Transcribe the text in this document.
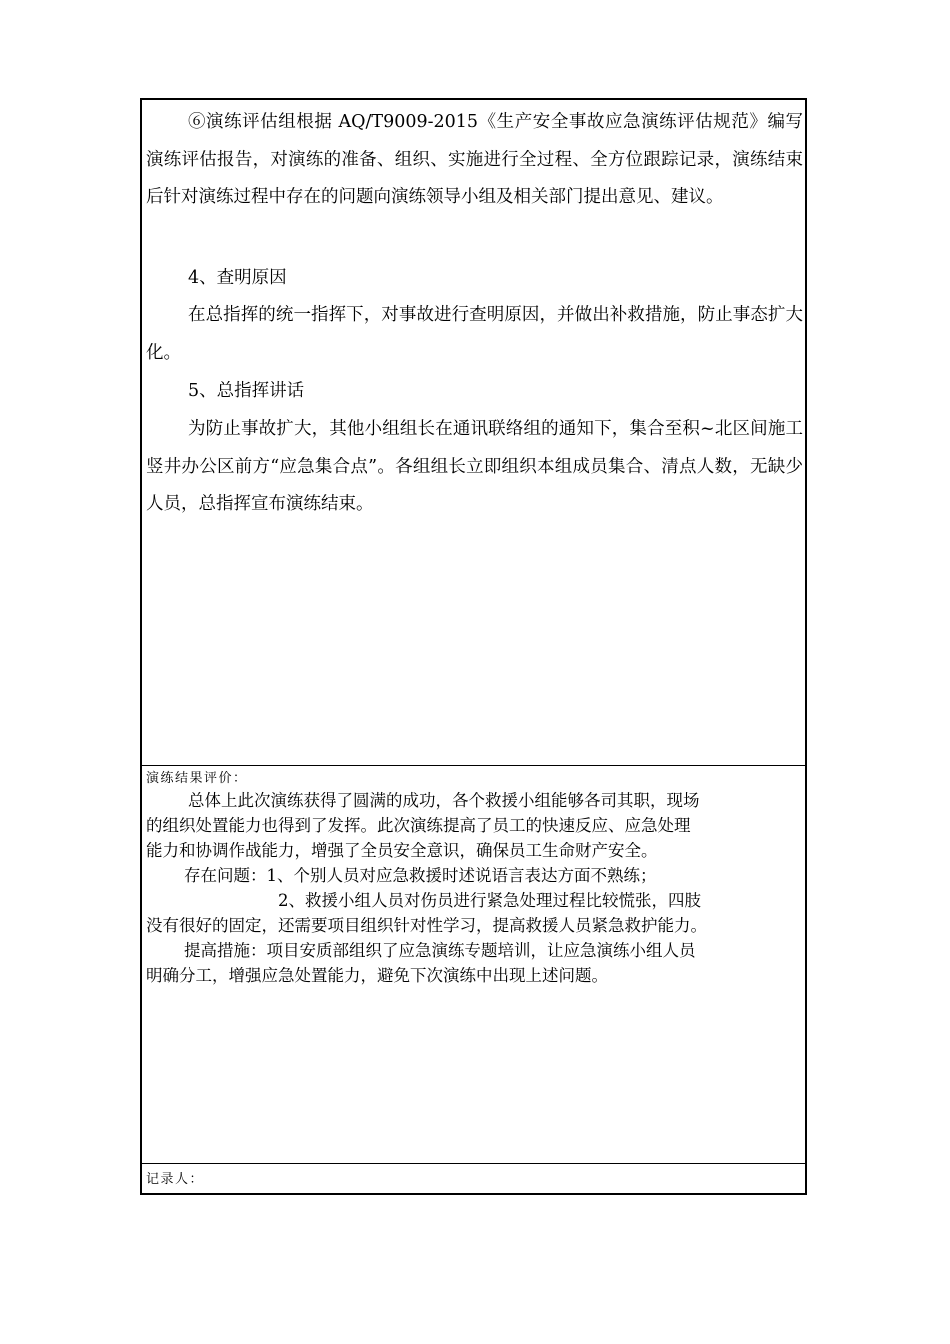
⑥演练评估组根据 AQ/T9009-2015《生产安全事故应急演练评估规范》编写演练评估报告，对演练的准备、组织、实施进行全过程、全方位跟踪记录，演练结束后针对演练过程中存在的问题向演练领导小组及相关部门提出意见、建议。

4、查明原因

在总指挥的统一指挥下，对事故进行查明原因，并做出补救措施，防止事态扩大化。

5、总指挥讲话

为防止事故扩大，其他小组组长在通讯联络组的通知下，集合至积~北区间施工竖井办公区前方“应急集合点”。各组组长立即组织本组成员集合、清点人数，无缺少人员，总指挥宣布演练结束。

演练结果评价：

总体上此次演练获得了圆满的成功，各个救援小组能够各司其职，现场

的组织处置能力也得到了发挥。此次演练提高了员工的快速反应、应急处理

能力和协调作战能力，增强了全员安全意识，确保员工生命财产安全。

存在问题：1、个别人员对应急救援时述说语言表达方面不熟练；

2、救援小组人员对伤员进行紧急处理过程比较慌张，四肢

没有很好的固定，还需要项目组织针对性学习，提高救援人员紧急救护能力。

提高措施：项目安质部组织了应急演练专题培训，让应急演练小组人员

明确分工，增强应急处置能力，避免下次演练中出现上述问题。

记录人：
